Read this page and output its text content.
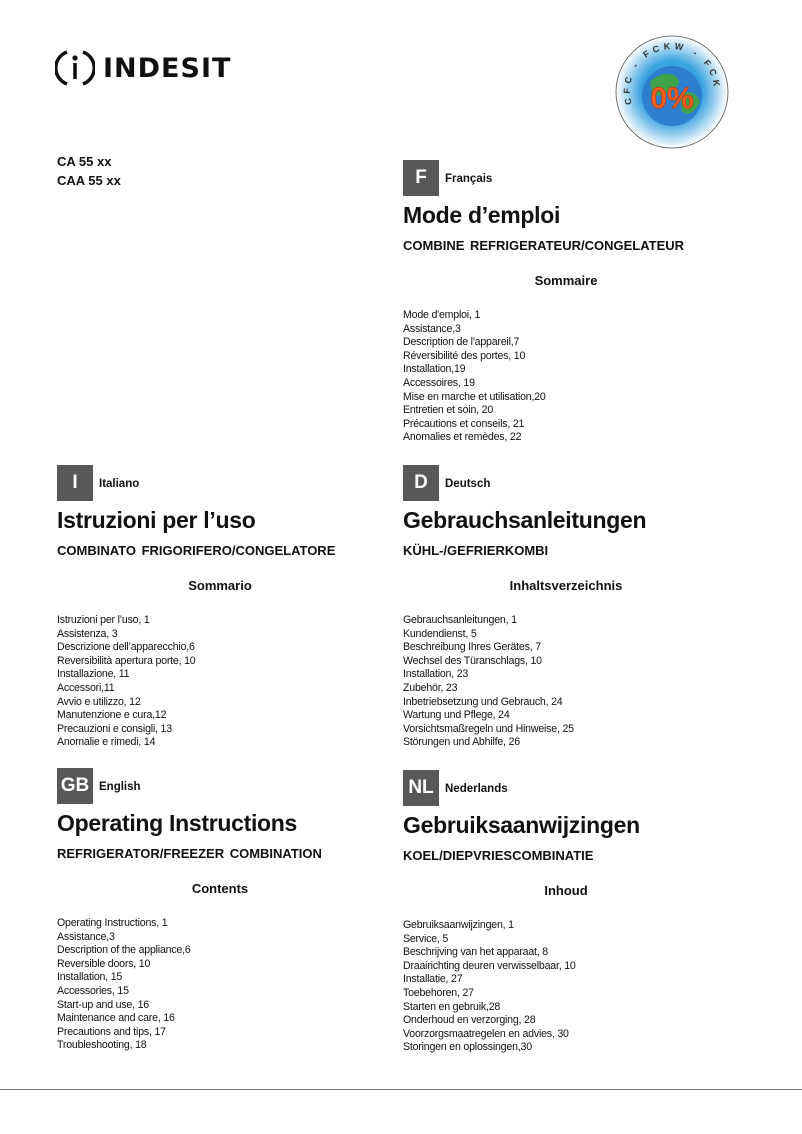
INDESIT
CFC - FCKW - FCK
0%
CA 55 xx
CAA 55 xx	F	Français
Mode d’emploi
COMBINE REFRIGERATEUR/CONGELATEUR
Sommaire
Mode d'emploi, 1
Assistance,3
Description de l'appareil,7
Réversibilité des portes, 10
Installation,19
Accessoires, 19
Mise en marche et utilisation,20
Entretien et soin, 20
Précautions et conseils, 21
Anomalies et remèdes, 22
I	Italiano
Istruzioni per l’uso
COMBINATO FRIGORIFERO/CONGELATORE
Sommario
Istruzioni per l’uso, 1
Assistenza, 3
Descrizione dell’apparecchio,6
Reversibilità apertura porte, 10
Installazione, 11
Accessori,11
Avvio e utilizzo, 12
Manutenzione e cura,12
Precauzioni e consigli, 13
Anomalie e rimedi, 14
D	Deutsch
Gebrauchsanleitungen
KÜHL-/GEFRIERKOMBI
Inhaltsverzeichnis
Gebrauchsanleitungen, 1
Kundendienst, 5
Beschreibung Ihres Gerätes, 7
Wechsel des Türanschlags, 10
Installation, 23
Zubehör, 23
Inbetriebsetzung und Gebrauch, 24
Wartung und Pflege, 24
Vorsichtsmaßregeln und Hinweise, 25
Störungen und Abhilfe, 26
GB English
Operating Instructions
REFRIGERATOR/FREEZER COMBINATION
Contents
Operating Instructions, 1
Assistance,3
Description of the appliance,6
Reversible doors, 10
Installation, 15
Accessories, 15
Start-up and use, 16
Maintenance and care, 16
Precautions and tips, 17
Troubleshooting, 18
NL Nederlands
Gebruiksaanwijzingen
KOEL/DIEPVRIESCOMBINATIE
Inhoud
Gebruiksaanwijzingen, 1
Service, 5
Beschrijving van het apparaat, 8
Draairichting deuren verwisselbaar, 10
Installatie, 27
Toebehoren, 27
Starten en gebruik,28
Onderhoud en verzorging, 28
Voorzorgsmaatregelen en advies, 30
Storingen en oplossingen,30
